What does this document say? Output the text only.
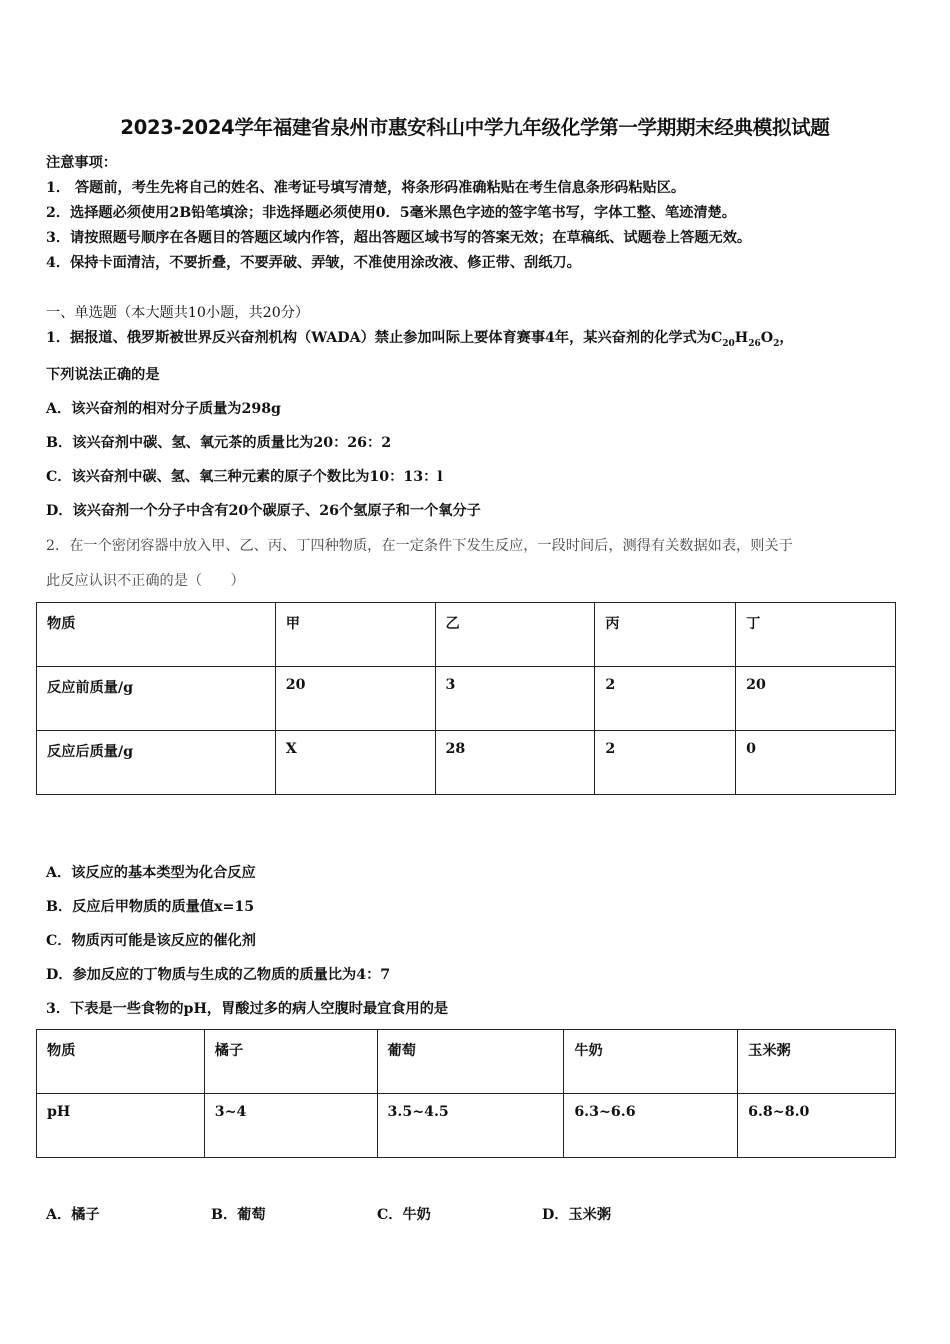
2023-2024学年福建省泉州市惠安科山中学九年级化学第一学期期末经典模拟试题
注意事项：
1． 答题前，考生先将自己的姓名、准考证号填写清楚，将条形码准确粘贴在考生信息条形码粘贴区。
2．选择题必须使用2B铅笔填涂；非选择题必须使用0．5毫米黑色字迹的签字笔书写，字体工整、笔迹清楚。
3．请按照题号顺序在各题目的答题区域内作答，超出答题区域书写的答案无效；在草稿纸、试题卷上答题无效。
4．保持卡面清洁，不要折叠，不要弄破、弄皱，不准使用涂改液、修正带、刮纸刀。
一、单选题（本大题共10小题，共20分）
1．据报道、俄罗斯被世界反兴奋剂机构（WADA）禁止参加叫际上要体育赛事4年，某兴奋剂的化学式为$C_{20}H_{26}O_2$，
下列说法正确的是
A．该兴奋剂的相对分子质量为298g
B．该兴奋剂中碳、氢、氧元茶的质量比为20：26：2
C．该兴奋剂中碳、氢、氧三种元素的原子个数比为10：13：l
D．该兴奋剂一个分子中含有20个碳原子、26个氢原子和一个氧分子
2．在一个密闭容器中放入甲、乙、丙、丁四种物质，在一定条件下发生反应，一段时间后，测得有关数据如表，则关于
此反应认识不正确的是（　　）
物质	甲	乙	丙	丁
反应前质量/g	20	3	2	20
反应后质量/g	X	28	2	0
A．该反应的基本类型为化合反应
B．反应后甲物质的质量值x=15
C．物质丙可能是该反应的催化剂
D．参加反应的丁物质与生成的乙物质的质量比为4：7
3．下表是一些食物的pH，胃酸过多的病人空腹时最宜食用的是
物质	橘子	葡萄	牛奶	玉米粥
pH	3~4	3.5~4.5	6.3~6.6	6.8~8.0
A．橘子	B．葡萄	C．牛奶	D．玉米粥
